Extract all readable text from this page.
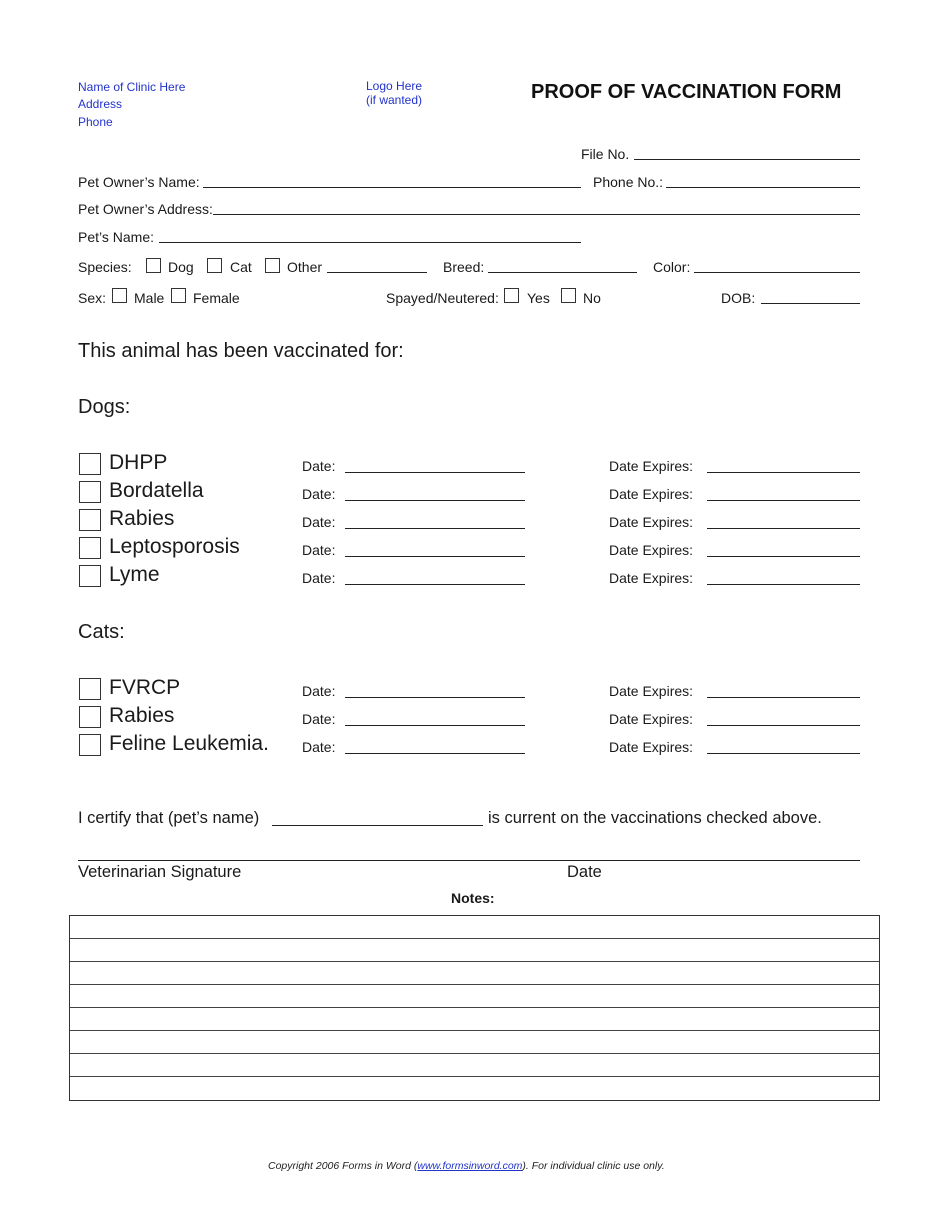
Name of Clinic Here
Address
Phone
Logo Here
(if wanted)	PROOF OF VACCINATION FORM
File No.
Pet Owner’s Name:	Phone No.:
Pet Owner’s Address:
Pet’s Name:
Species:	Dog	Cat	Other	Breed:	Color:
Sex: Male Female	Spayed/Neutered: Yes No	DOB:
This animal has been vaccinated for:
Dogs:
DHPP	Date:	Date Expires:
Bordatella	Date:	Date Expires:
Rabies	Date:	Date Expires:
Leptosporosis	Date:	Date Expires:
Lyme	Date:	Date Expires:
Cats:
FVRCP	Date:	Date Expires:
Rabies	Date:	Date Expires:
Feline Leukemia. Date:	Date Expires:
I certify that (pet’s name)	is current on the vaccinations checked above.
Veterinarian Signature	Date
Notes:
Copyright 2006 Forms in Word (www.formsinword.com). For individual clinic use only.
